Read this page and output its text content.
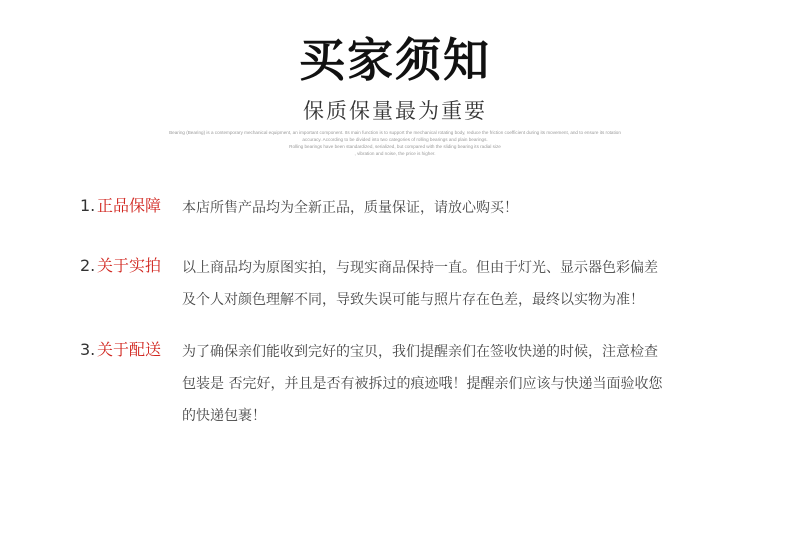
买家须知
保质保量最为重要
Bearing (Bearing) is a contemporary mechanical equipment, an important component. Its main function is to support the mechanical rotating body, reduce the friction coefficient during its movement, and to ensure its rotation
accuracy. According to be divided into two categories of rolling bearings and plain bearings.
Rolling bearings have been standardized, serialized, but compared with the sliding bearing its radial size
, vibration and noise, the price is higher.
1. 正品保障 本店所售产品均为全新正品，质量保证，请放心购买！
2. 关于实拍 以上商品均为原图实拍，与现实商品保持一直。但由于灯光、显示器色彩偏差
及个人对颜色理解不同，导致失误可能与照片存在色差，最终以实物为准！
3. 关于配送 为了确保亲们能收到完好的宝贝，我们提醒亲们在签收快递的时候，注意检查
包装是 否完好，并且是否有被拆过的痕迹哦！提醒亲们应该与快递当面验收您
的快递包裹！
